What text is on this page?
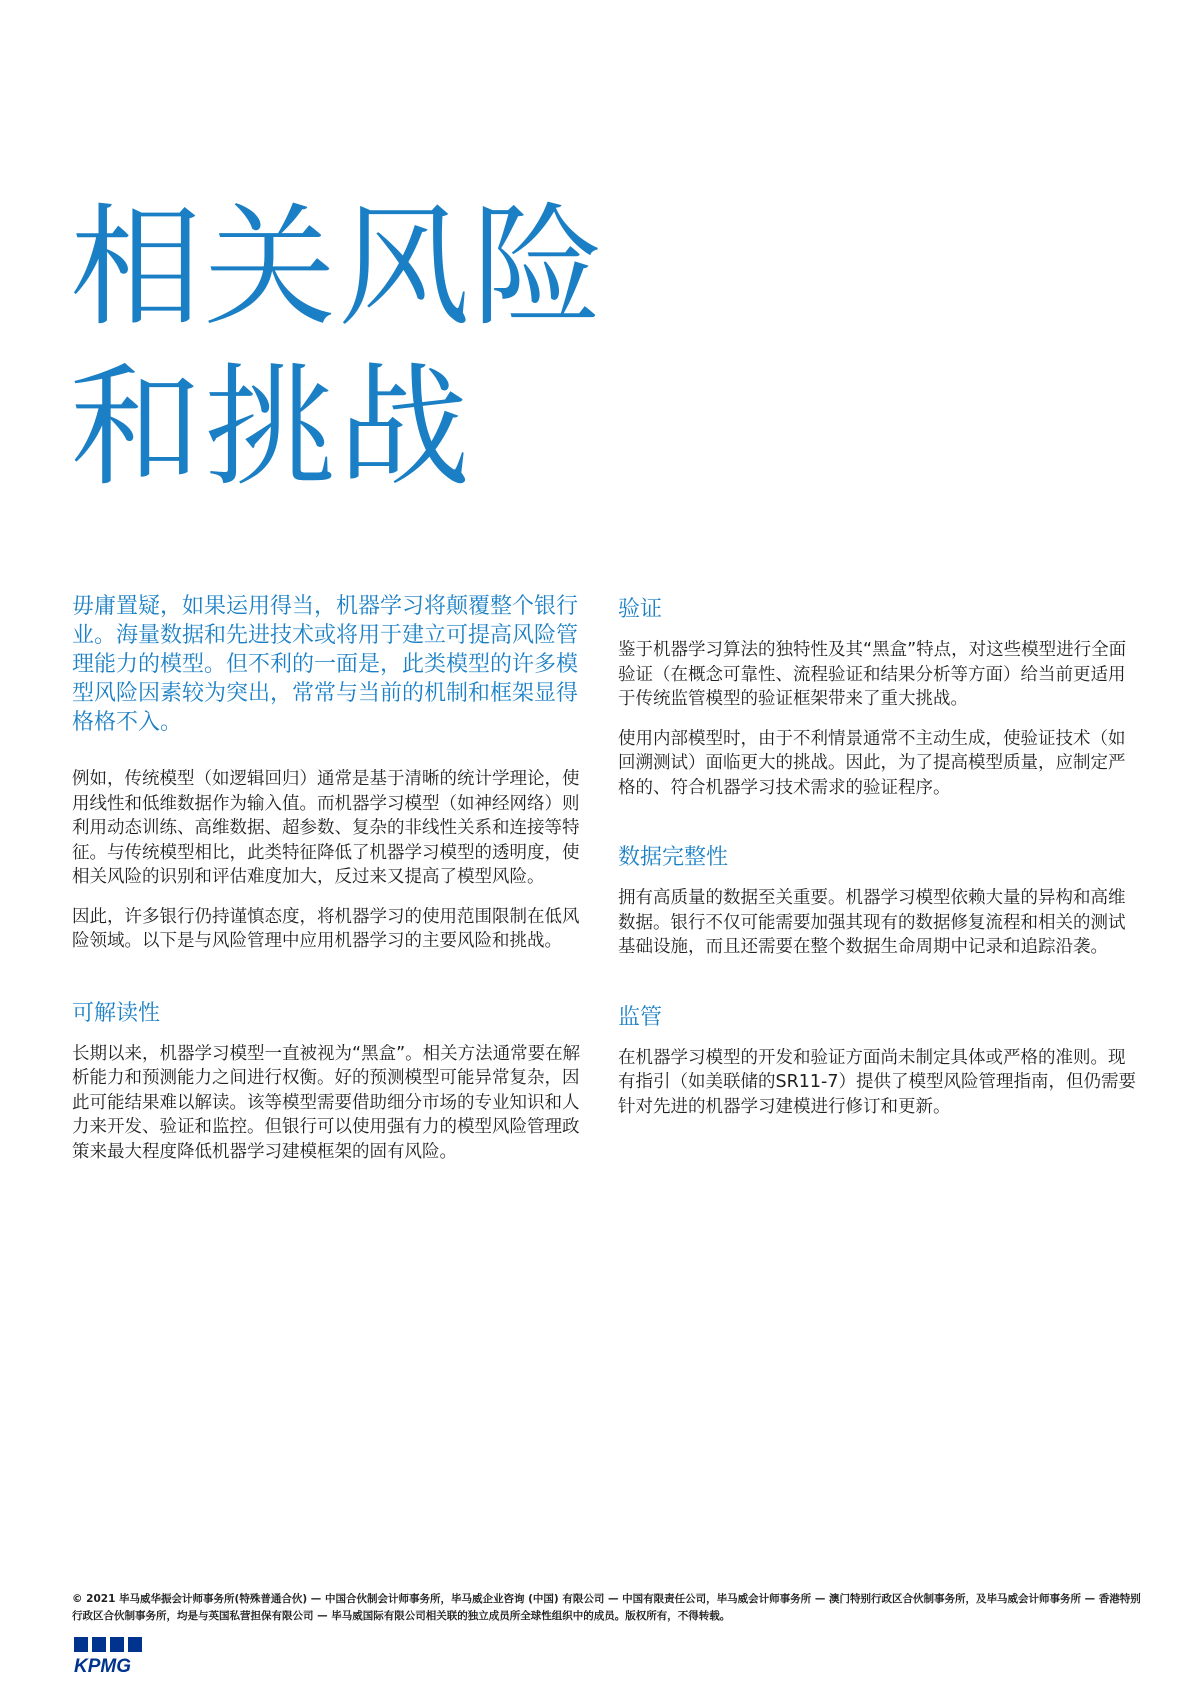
相关风险
和挑战

毋庸置疑，如果运用得当，机器学习将颠覆整个银行业。海量数据和先进技术或将用于建立可提高风险管理能力的模型。但不利的一面是，此类模型的许多模型风险因素较为突出，常常与当前的机制和框架显得格格不入。

例如，传统模型（如逻辑回归）通常是基于清晰的统计学理论，使用线性和低维数据作为输入值。而机器学习模型（如神经网络）则利用动态训练、高维数据、超参数、复杂的非线性关系和连接等特征。与传统模型相比，此类特征降低了机器学习模型的透明度，使相关风险的识别和评估难度加大，反过来又提高了模型风险。

因此，许多银行仍持谨慎态度，将机器学习的使用范围限制在低风险领域。以下是与风险管理中应用机器学习的主要风险和挑战。

可解读性

长期以来，机器学习模型一直被视为“黑盒”。相关方法通常要在解析能力和预测能力之间进行权衡。好的预测模型可能异常复杂，因此可能结果难以解读。该等模型需要借助细分市场的专业知识和人力来开发、验证和监控。但银行可以使用强有力的模型风险管理政策来最大程度降低机器学习建模框架的固有风险。

验证

鉴于机器学习算法的独特性及其“黑盒”特点，对这些模型进行全面验证（在概念可靠性、流程验证和结果分析等方面）给当前更适用于传统监管模型的验证框架带来了重大挑战。

使用内部模型时，由于不利情景通常不主动生成，使验证技术（如回溯测试）面临更大的挑战。因此，为了提高模型质量，应制定严格的、符合机器学习技术需求的验证程序。

数据完整性

拥有高质量的数据至关重要。机器学习模型依赖大量的异构和高维数据。银行不仅可能需要加强其现有的数据修复流程和相关的测试基础设施，而且还需要在整个数据生命周期中记录和追踪沿袭。

监管

在机器学习模型的开发和验证方面尚未制定具体或严格的准则。现有指引（如美联储的SR11-7）提供了模型风险管理指南，但仍需要针对先进的机器学习建模进行修订和更新。

© 2021 毕马威华振会计师事务所(特殊普通合伙) — 中国合伙制会计师事务所，毕马威企业咨询 (中国) 有限公司 — 中国有限责任公司，毕马威会计师事务所 — 澳门特别行政区合伙制事务所，及毕马威会计师事务所 — 香港特别行政区合伙制事务所，均是与英国私营担保有限公司 — 毕马威国际有限公司相关联的独立成员所全球性组织中的成员。版权所有，不得转载。
KPMG
